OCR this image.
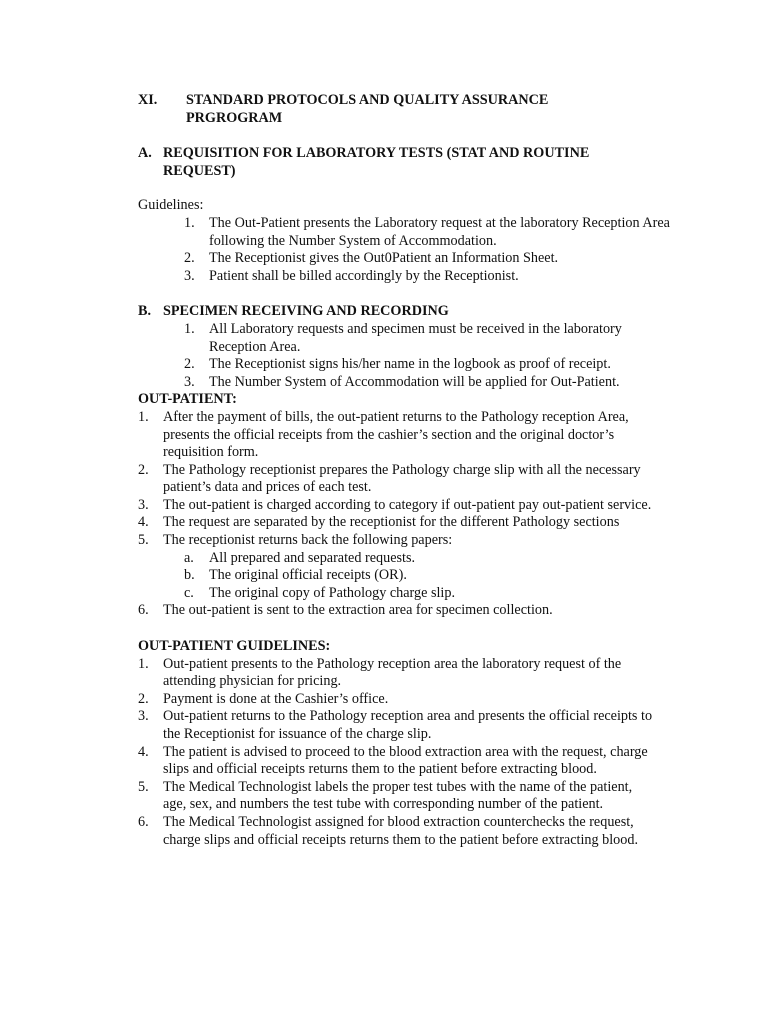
XI.	STANDARD PROTOCOLS AND QUALITY ASSURANCE
PRGROGRAM
A. REQUISITION FOR LABORATORY TESTS (STAT AND ROUTINE
REQUEST)
Guidelines:
1.	The Out-Patient presents the Laboratory request at the laboratory Reception Area following the Number System of Accommodation.
2.	The Receptionist gives the Out0Patient an Information Sheet.
3.	Patient shall be billed accordingly by the Receptionist.
B. SPECIMEN RECEIVING AND RECORDING
1.	All Laboratory requests and specimen must be received in the laboratory Reception Area.
2.	The Receptionist signs his/her name in the logbook as proof of receipt.
3.	The Number System of Accommodation will be applied for Out-Patient.
OUT-PATIENT:
1.	After the payment of bills, the out-patient returns to the Pathology reception Area, presents the official receipts from the cashier’s section and the original doctor’s requisition form.
2.	The Pathology receptionist prepares the Pathology charge slip with all the necessary patient’s data and prices of each test.
3.	The out-patient is charged according to category if out-patient pay out-patient service.
4.	The request are separated by the receptionist for the different Pathology sections
5.	The receptionist returns back the following papers:
a.	All prepared and separated requests.
b.	The original official receipts (OR).
c.	The original copy of Pathology charge slip.
6.	The out-patient is sent to the extraction area for specimen collection.
OUT-PATIENT GUIDELINES:
1.	Out-patient presents to the Pathology reception area the laboratory request of the attending physician for pricing.
2.	Payment is done at the Cashier’s office.
3.	Out-patient returns to the Pathology reception area and presents the official receipts to the Receptionist for issuance of the charge slip.
4.	The patient is advised to proceed to the blood extraction area with the request, charge slips and official receipts returns them to the patient before extracting blood.
5.	The Medical Technologist labels the proper test tubes with the name of the patient, age, sex, and numbers the test tube with corresponding number of the patient.
6.	The Medical Technologist assigned for blood extraction counterchecks the request, charge slips and official receipts returns them to the patient before extracting blood.
